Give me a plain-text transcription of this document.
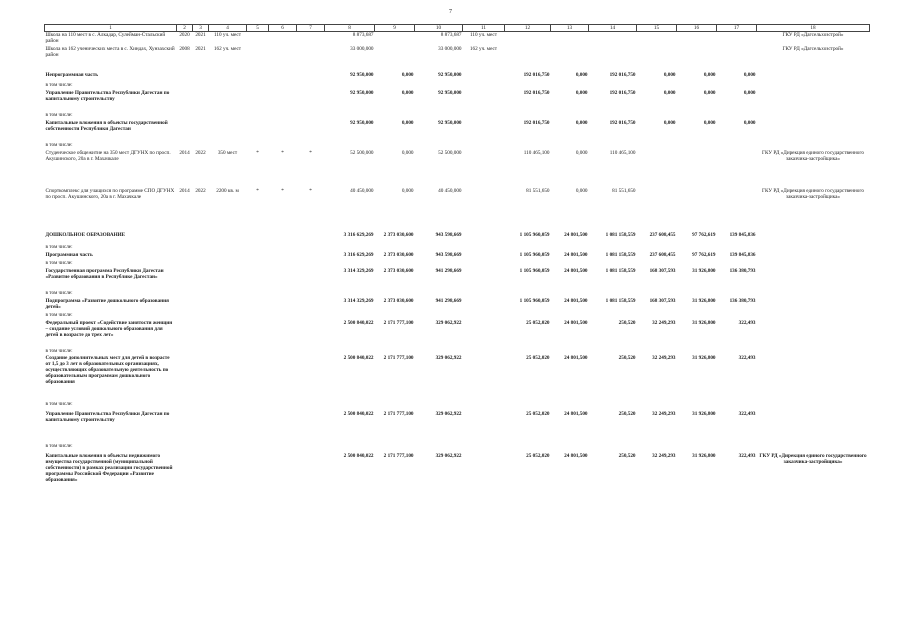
7
1	2	3	4	5	6	7	8	9	10	11	12	13	14	15	16	17	18
Школа на 110 мест в с. Алкадар, Сулейман-Стальский район	2020	2021	110 уч. мест				8 873,687		8 873,687	110 уч. мест							ГКУ РД «Дагсельхозстрой»
Школа на 162 ученических места в с. Хиндах, Хунзахский район	2008	2021	162 уч. мест				33 000,000		33 000,000	162 уч. мест							ГКУ РД «Дагсельхозстрой»
Непрограммная часть							92 950,000	0,000	92 950,000		192 016,750	0,000	192 016,750	0,000	0,000	0,000	
в том числе:																	
Управление Правительства Республики Дагестан по капитальному строительству							92 950,000	0,000	92 950,000		192 016,750	0,000	192 016,750	0,000	0,000	0,000	
в том числе:																	
Капитальные вложения в объекты государственной собственности Республики Дагестан							92 950,000	0,000	92 950,000		192 016,750	0,000	192 016,750	0,000	0,000	0,000	
в том числе:																	
Студенческое общежитие на 350 мест ДГУНХ по просп. Акушинского, 20а в г. Махачкале	2014	2022	350 мест	*	*	*	52 500,000	0,000	52 500,000		110 465,100	0,000	110 465,100				ГКУ РД «Дирекция единого государственного заказчика-застройщика»
Спорткомплекс для учащихся по программе СПО ДГУНХ по просп. Акушинского, 20а в г. Махачкале	2014	2022	2200 кв. м	*	*	*	40 450,000	0,000	40 450,000		81 551,650	0,000	81 551,650				ГКУ РД «Дирекция единого государственного заказчика-застройщика»
ДОШКОЛЬНОЕ ОБРАЗОВАНИЕ							3 316 629,269	2 373 030,600	943 598,669		1 105 960,059	24 801,500	1 081 158,559	237 608,455	97 762,619	139 845,836	
в том числе:																	
Программная часть							3 316 629,269	2 373 030,600	943 598,669		1 105 960,059	24 801,500	1 081 158,559	237 608,455	97 762,619	139 845,836	
в том числе:																	
Государственная программа Республики Дагестан «Развитие образования в Республике Дагестан»							3 314 329,269	2 373 030,600	941 298,669		1 105 960,059	24 801,500	1 081 158,559	168 307,593	31 926,800	136 380,793	
в том числе:																	
Подпрограмма «Развитие дошкольного образования детей»							3 314 329,269	2 373 030,600	941 298,669		1 105 960,059	24 801,500	1 081 158,559	168 307,593	31 926,800	136 380,793	
в том числе:																	
Федеральный проект «Содействие занятости женщин – создание условий дошкольного образования для детей в возрасте до трех лет»							2 500 840,022	2 171 777,100	329 062,922		25 052,020	24 801,500	250,520	32 249,293	31 926,800	322,493	
в том числе:																	
Создание дополнительных мест для детей в возрасте от 1,5 до 3 лет в образовательных организациях, осуществляющих образовательную деятельность по образовательным программам дошкольного образования							2 500 840,022	2 171 777,100	329 062,922		25 052,020	24 801,500	250,520	32 249,293	31 926,800	322,493	
в том числе:																	
Управление Правительства Республики Дагестан по капитальному строительству							2 500 840,022	2 171 777,100	329 062,922		25 052,020	24 801,500	250,520	32 249,293	31 926,800	322,493	
в том числе:																	
Капитальные вложения в объекты недвижимого имущества государственной (муниципальной собственности) в рамках реализации государственной программы Российской Федерации «Развитие образования»							2 500 840,022	2 171 777,100	329 062,922		25 052,020	24 801,500	250,520	32 249,293	31 926,800	322,493	ГКУ РД «Дирекция единого государственного заказчика-застройщика»
